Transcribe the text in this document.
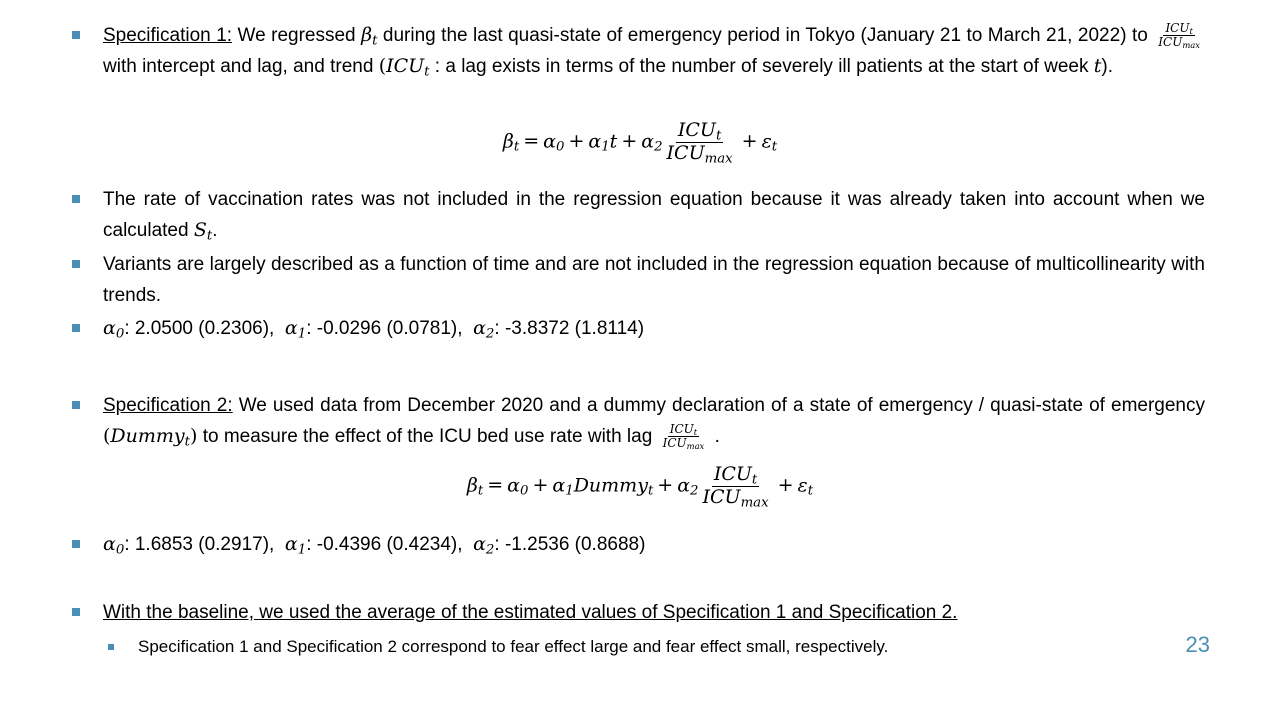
Specification 1: We regressed $\beta_t$ during the last quasi-state of emergency period in Tokyo (January 21 to March 21, 2022) to $\frac{ICU_t}{ICU_{max}}$
with intercept and lag, and trend ($ICU_t$ : a lag exists in terms of the number of severely ill patients at the start of week t).
$\beta_t = \alpha_0 + \alpha_1t + \alpha_2 \frac{ICU_t}{ICU_{max}} + \varepsilon_t$
The rate of vaccination rates was not included in the regression equation because it was already taken into account when we calculated $S_t$.
Variants are largely described as a function of time and are not included in the regression equation because of multicollinearity with trends.
$\alpha_0$: 2.0500 (0.2306), $\alpha_1$: -0.0296 (0.0781), $\alpha_2$: -3.8372 (1.8114)
Specification 2: We used data from December 2020 and a dummy declaration of a state of emergency / quasi-state of emergency (Dummy$_t$) to measure the effect of the ICU bed use rate with lag $\frac{ICU_t}{ICU_{max}}$ .
$\beta_t = \alpha_0$ + $\alpha_1Dummy_t + \alpha_2 \frac{ICU_t}{ICU_{max}} + \varepsilon_t$
$\alpha_0$: 1.6853 (0.2917), $\alpha_1$: -0.4396 (0.4234), $\alpha_2$: -1.2536 (0.8688)
With the baseline, we used the average of the estimated values of Specification 1 and Specification 2.
Specification 1 and Specification 2 correspond to fear effect large and fear effect small, respectively.	23
